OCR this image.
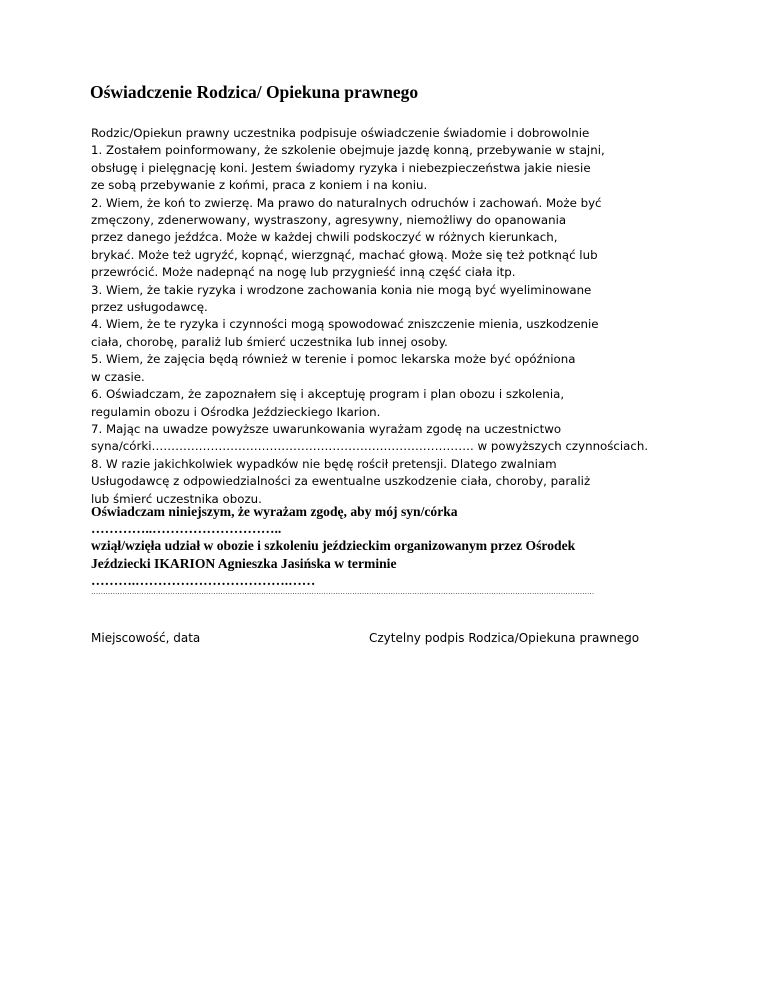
Oświadczenie Rodzica/ Opiekuna prawnego
Rodzic/Opiekun prawny uczestnika podpisuje oświadczenie świadomie i dobrowolnie
1. Zostałem poinformowany, że szkolenie obejmuje jazdę konną, przebywanie w stajni,
obsługę i pielęgnację koni. Jestem świadomy ryzyka i niebezpieczeństwa jakie niesie
ze sobą przebywanie z końmi, praca z koniem i na koniu.
2. Wiem, że koń to zwierzę. Ma prawo do naturalnych odruchów i zachowań. Może być
zmęczony, zdenerwowany, wystraszony, agresywny, niemożliwy do opanowania
przez danego jeźdźca. Może w każdej chwili podskoczyć w różnych kierunkach,
brykać. Może też ugryźć, kopnąć, wierzgnąć, machać głową. Może się też potknąć lub
przewrócić. Może nadepnąć na nogę lub przygnieść inną część ciała itp.
3. Wiem, że takie ryzyka i wrodzone zachowania konia nie mogą być wyeliminowane
przez usługodawcę.
4. Wiem, że te ryzyka i czynności mogą spowodować zniszczenie mienia, uszkodzenie
ciała, chorobę, paraliż lub śmierć uczestnika lub innej osoby.
5. Wiem, że zajęcia będą również w terenie i pomoc lekarska może być opóźniona
w czasie.
6. Oświadczam, że zapoznałem się i akceptuję program i plan obozu i szkolenia,
regulamin obozu i Ośrodka Jeździeckiego Ikarion.
7. Mając na uwadze powyższe uwarunkowania wyrażam zgodę na uczestnictwo
syna/córki………………………………………………………………………. w powyższych czynnościach.
8. W razie jakichkolwiek wypadków nie będę rościł pretensji. Dlatego zwalniam
Usługodawcę z odpowiedzialności za ewentualne uszkodzenie ciała, choroby, paraliż
lub śmierć uczestnika obozu.
Oświadczam niniejszym, że wyrażam zgodę, aby mój syn/córka
…………..………………………..
wziął/wzięła udział w obozie i szkoleniu jeździeckim organizowanym przez Ośrodek
Jeździecki IKARION Agnieszka Jasińska w terminie
……….…………………………….……
…………………………………………………………………………………………………………………………………………………………………………………………
Miejscowość, data	Czytelny podpis Rodzica/Opiekuna prawnego
